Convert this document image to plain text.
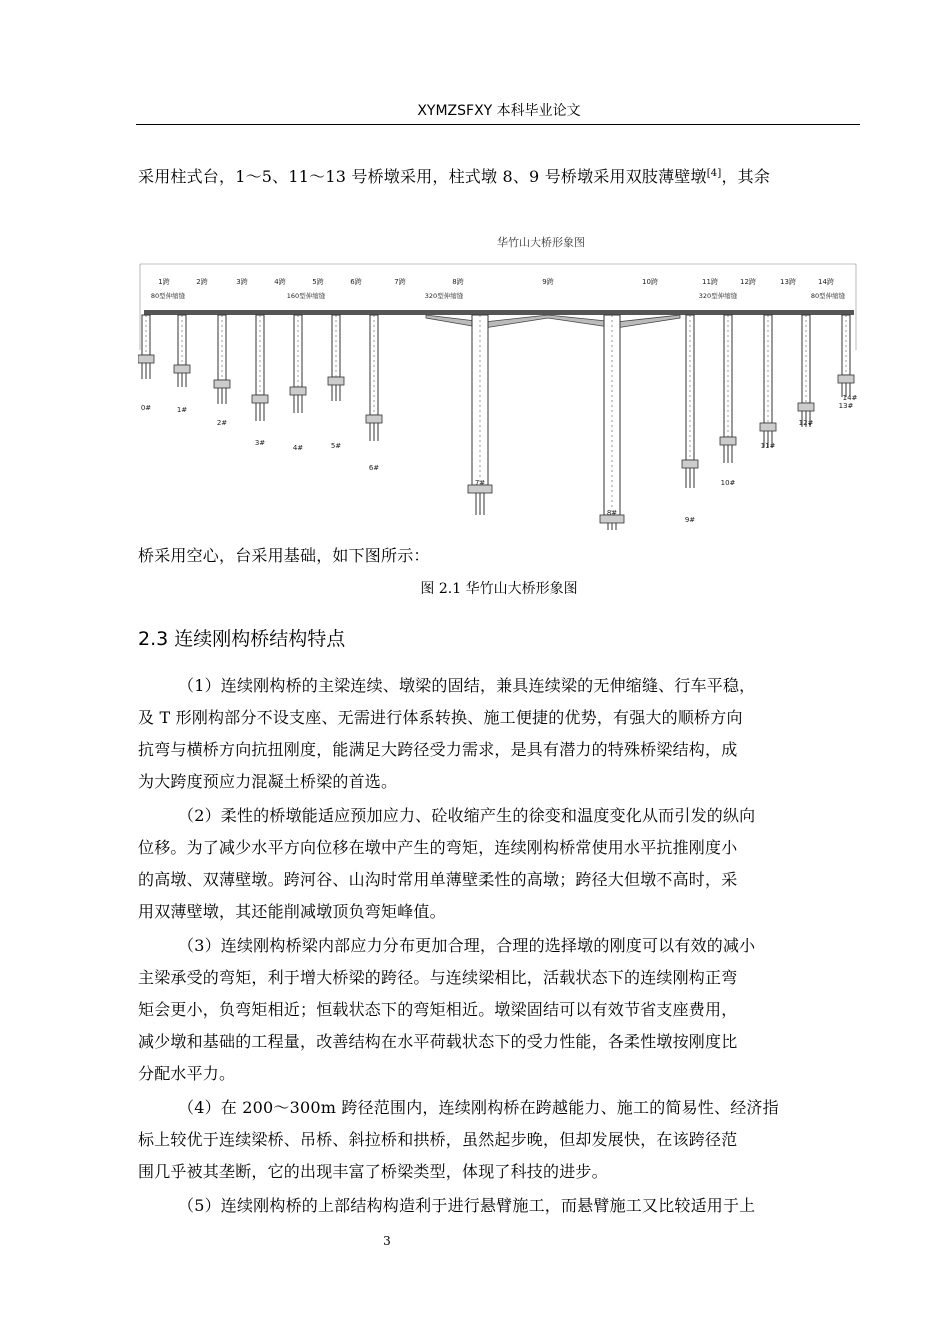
XYMZSFXY 本科毕业论文
采用柱式台，1～5、11～13 号桥墩采用，柱式墩 8、9 号桥墩采用双肢薄壁墩[4]，其余
华竹山大桥形象图
1跨	2跨	3跨	4跨	5跨	6跨	7跨	8跨	9跨	10跨	11跨	12跨	13跨	14跨
80型伸缩缝	160型伸缩缝	320型伸缩缝	320型伸缩缝	80型伸缩缝
0#	1#
2#
3#
4#	5#
6#
7#
8#
9#
10#
11#
12#
13#
14#
桥采用空心，台采用基础，如下图所示：
图 2.1 华竹山大桥形象图
2.3 连续刚构桥结构特点
（1）连续刚构桥的主梁连续、墩梁的固结，兼具连续梁的无伸缩缝、行车平稳，
及 T 形刚构部分不设支座、无需进行体系转换、施工便捷的优势，有强大的顺桥方向
抗弯与横桥方向抗扭刚度，能满足大跨径受力需求，是具有潜力的特殊桥梁结构，成
为大跨度预应力混凝土桥梁的首选。
（2）柔性的桥墩能适应预加应力、砼收缩产生的徐变和温度变化从而引发的纵向
位移。为了减少水平方向位移在墩中产生的弯矩，连续刚构桥常使用水平抗推刚度小
的高墩、双薄壁墩。跨河谷、山沟时常用单薄壁柔性的高墩；跨径大但墩不高时，采
用双薄壁墩，其还能削减墩顶负弯矩峰值。
（3）连续刚构桥梁内部应力分布更加合理，合理的选择墩的刚度可以有效的减小
主梁承受的弯矩，利于增大桥梁的跨径。与连续梁相比，活载状态下的连续刚构正弯
矩会更小，负弯矩相近；恒载状态下的弯矩相近。墩梁固结可以有效节省支座费用，
减少墩和基础的工程量，改善结构在水平荷载状态下的受力性能，各柔性墩按刚度比
分配水平力。
（4）在 200～300m 跨径范围内，连续刚构桥在跨越能力、施工的简易性、经济指
标上较优于连续梁桥、吊桥、斜拉桥和拱桥，虽然起步晚，但却发展快，在该跨径范
围几乎被其垄断，它的出现丰富了桥梁类型，体现了科技的进步。
（5）连续刚构桥的上部结构构造利于进行悬臂施工，而悬臂施工又比较适用于上
3
